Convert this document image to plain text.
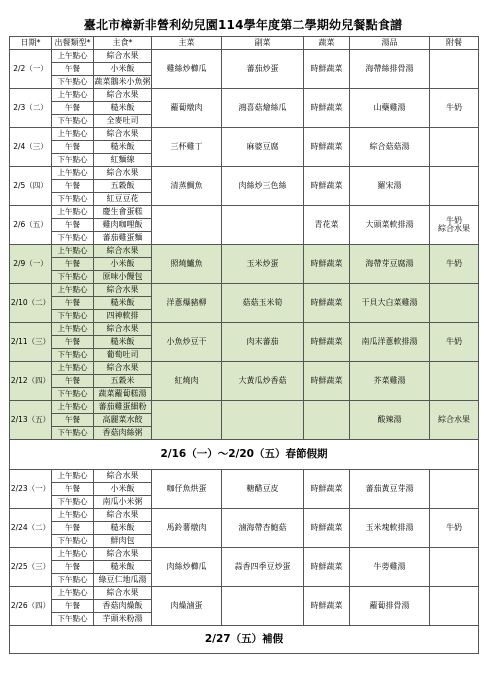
臺北市樟新非營利幼兒園114學年度第二學期幼兒餐點食譜
日期*	出餐類型*	主食*	主菜	副菜	蔬菜	湯品	附餐
2/2（一）	上午點心	綜合水果	雞絲炒櫛瓜	蕃茄炒蛋	時鮮蔬菜	海帶絲排骨湯	
	午餐	小米飯					
	下午點心	蔬菜鵝米小魚粥					
2/3（二）	上午點心	綜合水果	蘿蔔燉肉	鴻喜菇燴絲瓜	時鮮蔬菜	山藥雞湯	牛奶
	午餐	糙米飯					
	下午點心	全麥吐司					
2/4（三）	上午點心	綜合水果	三杯雞丁	麻婆豆腐	時鮮蔬菜	綜合菇菇湯	
	午餐	糙米飯					
	下午點心	紅麵線					
2/5（四）	上午點心	綜合水果	清蒸鯛魚	肉絲炒三色絲	時鮮蔬菜	羅宋湯	
	午餐	五穀飯					
	下午點心	紅豆豆花					
2/6（五）	上午點心	慶生會蛋糕			青花菜	大頭菜軟排湯	牛奶
綜合水果
	午餐	雞肉咖哩飯					
	下午點心	蕃茄雞蛋麵					
2/9（一）	上午點心	綜合水果	照燒鱸魚	玉米炒蛋	時鮮蔬菜	海帶芽豆腐湯	牛奶
	午餐	小米飯					
	下午點心	原味小饅包					
2/10（二）	上午點心	綜合水果	洋蔥爆豬柳	菇菇玉米筍	時鮮蔬菜	干貝大白菜雞湯	
	午餐	糙米飯					
	下午點心	四神軟排					
2/11（三）	上午點心	綜合水果	小魚炒豆干	肉末蕃茄	時鮮蔬菜	南瓜洋蔥軟排湯	牛奶
	午餐	糙米飯					
	下午點心	葡萄吐司					
2/12（四）	上午點心	綜合水果	紅燒肉	大黃瓜炒香菇	時鮮蔬菜	芥菜雞湯	
	午餐	五穀米					
	下午點心	蔬菜蘿蔔糕湯					
2/13（五）	上午點心	蕃茄雞蛋細粉				酸辣湯	綜合水果
	午餐	高麗菜水餃					
	下午點心	香菇肉絲粥					
2/16（一）～2/20（五）春節假期							
2/23（一）	上午點心	綜合水果	咖仔魚烘蛋	糖醋豆皮	時鮮蔬菜	蕃茄黃豆芽湯	
	午餐	小米飯					
	下午點心	南瓜小米粥					
2/24（二）	上午點心	綜合水果	馬鈴薯燉肉	滷海帶杏鮑菇	時鮮蔬菜	玉米塊軟排湯	牛奶
	午餐	糙米飯					
	下午點心	鮮肉包					
2/25（三）	上午點心	綜合水果	肉絲炒櫛瓜	蒜香四季豆炒蛋	時鮮蔬菜	牛蒡雞湯	
	午餐	糙米飯					
	下午點心	綠豆仁地瓜湯					
2/26（四）	上午點心	綜合水果	肉燥滷蛋		時鮮蔬菜	蘿蔔排骨湯	
	午餐	香菇肉燥飯					
	下午點心	芋頭米粉湯					
2/27（五）補假							
